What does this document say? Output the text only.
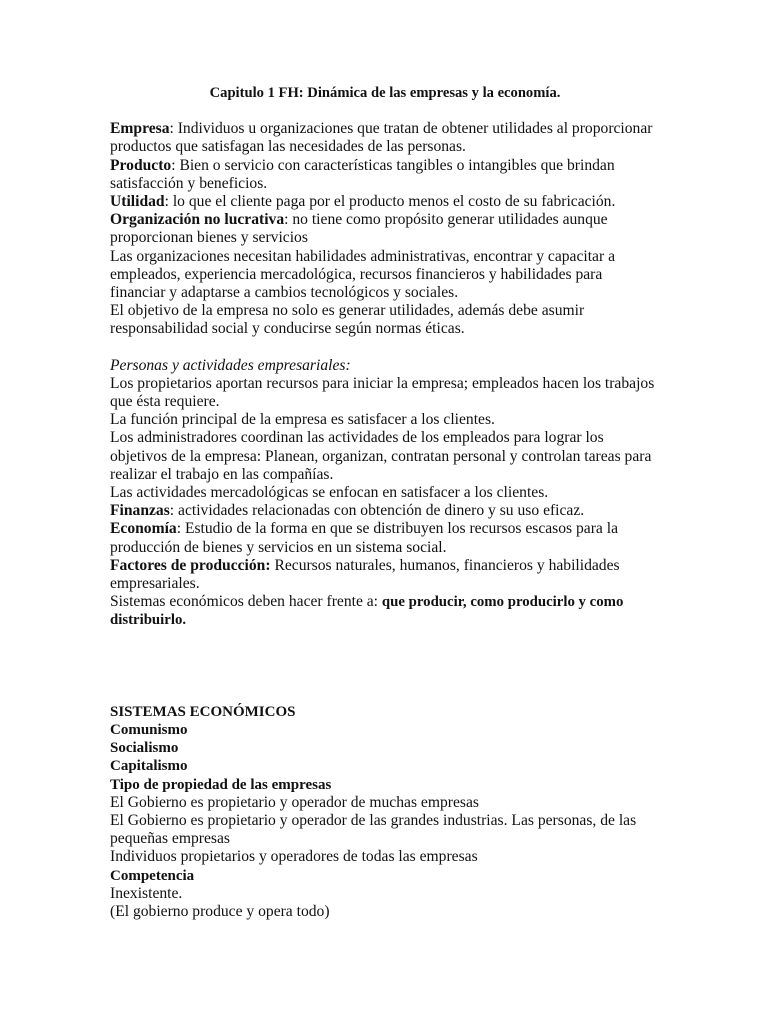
Capitulo 1 FH: Dinámica de las empresas y la economía.

Empresa: Individuos u organizaciones que tratan de obtener utilidades al proporcionar productos que satisfagan las necesidades de las personas.

Producto: Bien o servicio con características tangibles o intangibles que brindan satisfacción y beneficios.

Utilidad: lo que el cliente paga por el producto menos el costo de su fabricación.

Organización no lucrativa: no tiene como propósito generar utilidades aunque proporcionan bienes y servicios

Las organizaciones necesitan habilidades administrativas, encontrar y capacitar a empleados, experiencia mercadológica, recursos financieros y habilidades para financiar y adaptarse a cambios tecnológicos y sociales.

El objetivo de la empresa no solo es generar utilidades, además debe asumir responsabilidad social y conducirse según normas éticas.

Personas y actividades empresariales:

Los propietarios aportan recursos para iniciar la empresa; empleados hacen los trabajos que ésta requiere.

La función principal de la empresa es satisfacer a los clientes.

Los administradores coordinan las actividades de los empleados para lograr los objetivos de la empresa: Planean, organizan, contratan personal y controlan tareas para realizar el trabajo en las compañías.

Las actividades mercadológicas se enfocan en satisfacer a los clientes.

Finanzas: actividades relacionadas con obtención de dinero y su uso eficaz.

Economía: Estudio de la forma en que se distribuyen los recursos escasos para la producción de bienes y servicios en un sistema social.

Factores de producción: Recursos naturales, humanos, financieros y habilidades empresariales.

Sistemas económicos deben hacer frente a: que producir, como producirlo y como distribuirlo.

SISTEMAS ECONÓMICOS

Comunismo

Socialismo

Capitalismo

Tipo de propiedad de las empresas

El Gobierno es propietario y operador de muchas empresas

El Gobierno es propietario y operador de las grandes industrias. Las personas, de las pequeñas empresas

Individuos propietarios y operadores de todas las empresas

Competencia

Inexistente.

(El gobierno produce y opera todo)
